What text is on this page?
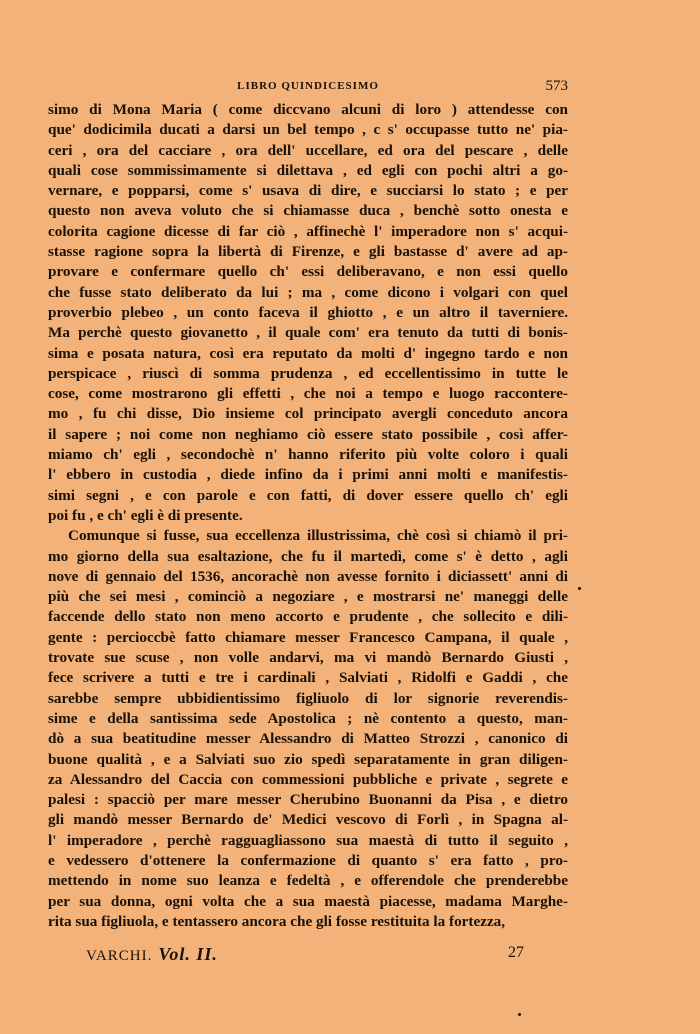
LIBRO QUINDICESIMO	573
simo di Mona Maria ( come diccvano alcuni di loro ) attendesse con
que' dodicimila ducati a darsi un bel tempo , c s' occupasse tutto ne' pia-
ceri , ora del cacciare , ora dell' uccellare, ed ora del pescare , delle
quali cose sommissimamente si dilettava , ed egli con pochi altri a go-
vernare, e popparsi, come s' usava di dire, e succiarsi lo stato ; e per
questo non aveva voluto che si chiamasse duca , benchè sotto onesta e
colorita cagione dicesse di far ciò , affinechè l' imperadore non s' acqui-
stasse ragione sopra la libertà di Firenze, e gli bastasse d' avere ad ap-
provare e confermare quello ch' essi deliberavano, e non essi quello
che fusse stato deliberato da lui ; ma , come dicono i volgari con quel
proverbio plebeo , un conto faceva il ghiotto , e un altro il taverniere.
Ma perchè questo giovanetto , il quale com' era tenuto da tutti di bonis-
sima e posata natura, così era reputato da molti d' ingegno tardo e non
perspicace , riuscì di somma prudenza , ed eccellentissimo in tutte le
cose, come mostrarono gli effetti , che noi a tempo e luogo raccontere-
mo , fu chi disse, Dio insieme col principato avergli conceduto ancora
il sapere ; noi come non neghiamo ciò essere stato possibile , così affer-
miamo ch' egli , secondochè n' hanno riferito più volte coloro i quali
l' ebbero in custodia , diede infino da i primi anni molti e manifestis-
simi segni , e con parole e con fatti, di dover essere quello ch' egli
poi fu , e ch' egli è di presente.
Comunque si fusse, sua eccellenza illustrissima, chè così si chiamò il pri-
mo giorno della sua esaltazione, che fu il martedì, come s' è detto , agli
nove di gennaio del 1536, ancorachè non avesse fornito i diciassett' anni di
più che sei mesi , cominciò a negoziare , e mostrarsi ne' maneggi delle
faccende dello stato non meno accorto e prudente , che sollecito e dili-
gente : percioccbè fatto chiamare messer Francesco Campana, il quale ,
trovate sue scuse , non volle andarvi, ma vi mandò Bernardo Giusti ,
fece scrivere a tutti e tre i cardinali , Salviati , Ridolfi e Gaddi , che
sarebbe sempre ubbidientissimo figliuolo di lor signorie reverendis-
sime e della santissima sede Apostolica ; nè contento a questo, man-
dò a sua beatitudine messer Alessandro di Matteo Strozzi , canonico di
buone qualità , e a Salviati suo zio spedì separatamente in gran diligen-
za Alessandro del Caccia con commessioni pubbliche e private , segrete e
palesi : spacciò per mare messer Cherubino Buonanni da Pisa , e dietro
gli mandò messer Bernardo de' Medici vescovo di Forlì , in Spagna al-
l' imperadore , perchè ragguagliassono sua maestà di tutto il seguito ,
e vedessero d'ottenere la confermazione di quanto s' era fatto , pro-
mettendo in nome suo leanza e fedeltà , e offerendole che prenderebbe
per sua donna, ogni volta che a sua maestà piacesse, madama Marghe-
rita sua figliuola, e tentassero ancora che gli fosse restituita la fortezza,
VARCHI. Vol. II.	27
